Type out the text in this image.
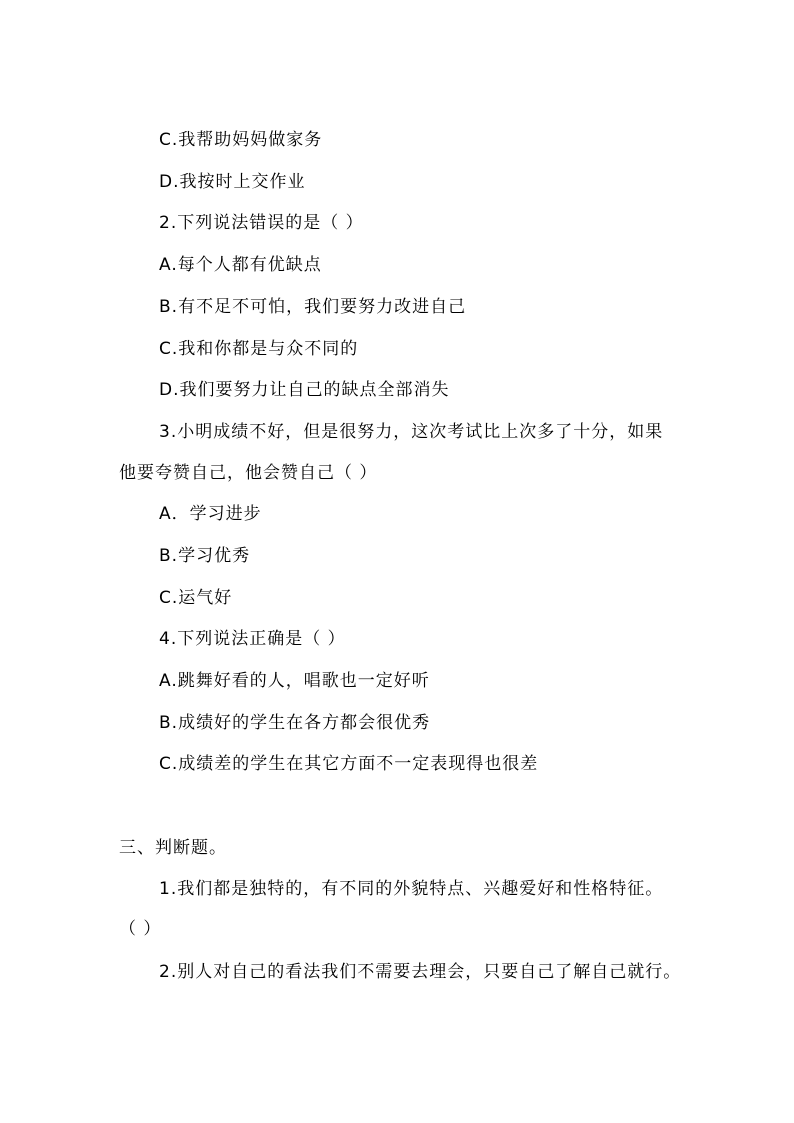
C.我帮助妈妈做家务
D.我按时上交作业
2.下列说法错误的是（ ）
A.每个人都有优缺点
B.有不足不可怕，我们要努力改进自己
C.我和你都是与众不同的
D.我们要努力让自己的缺点全部消失
3.小明成绩不好，但是很努力，这次考试比上次多了十分，如果
他要夸赞自己，他会赞自己（ ）
A．学习进步
B.学习优秀
C.运气好
4.下列说法正确是（ ）
A.跳舞好看的人，唱歌也一定好听
B.成绩好的学生在各方都会很优秀
C.成绩差的学生在其它方面不一定表现得也很差
三、判断题。
1.我们都是独特的，有不同的外貌特点、兴趣爱好和性格特征。
（ ）
2.别人对自己的看法我们不需要去理会，只要自己了解自己就行。
